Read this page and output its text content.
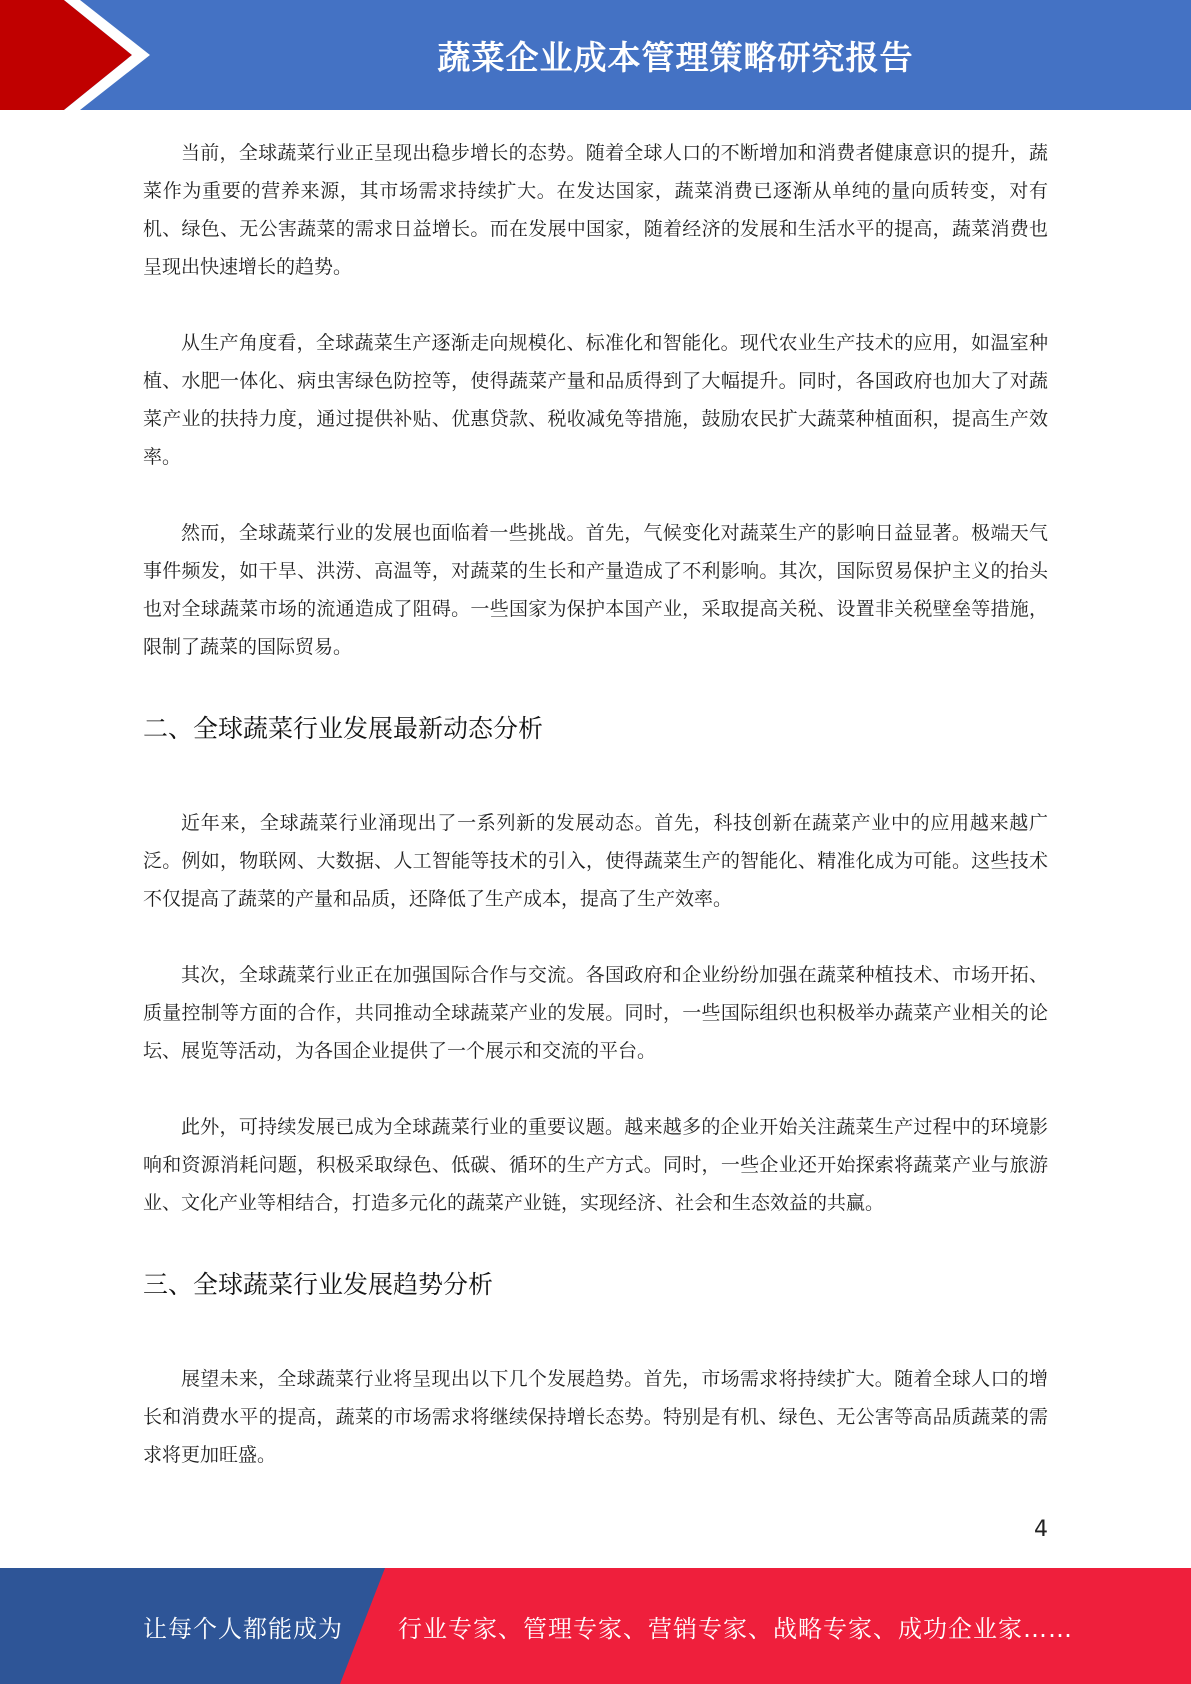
蔬菜企业成本管理策略研究报告

当前，全球蔬菜行业正呈现出稳步增长的态势。随着全球人口的不断增加和消费者健康意识的提升，蔬菜作为重要的营养来源，其市场需求持续扩大。在发达国家，蔬菜消费已逐渐从单纯的量向质转变，对有机、绿色、无公害蔬菜的需求日益增长。而在发展中国家，随着经济的发展和生活水平的提高，蔬菜消费也呈现出快速增长的趋势。

从生产角度看，全球蔬菜生产逐渐走向规模化、标准化和智能化。现代农业生产技术的应用，如温室种植、水肥一体化、病虫害绿色防控等，使得蔬菜产量和品质得到了大幅提升。同时，各国政府也加大了对蔬菜产业的扶持力度，通过提供补贴、优惠贷款、税收减免等措施，鼓励农民扩大蔬菜种植面积，提高生产效率。

然而，全球蔬菜行业的发展也面临着一些挑战。首先，气候变化对蔬菜生产的影响日益显著。极端天气事件频发，如干旱、洪涝、高温等，对蔬菜的生长和产量造成了不利影响。其次，国际贸易保护主义的抬头也对全球蔬菜市场的流通造成了阻碍。一些国家为保护本国产业，采取提高关税、设置非关税壁垒等措施，限制了蔬菜的国际贸易。

二、全球蔬菜行业发展最新动态分析

近年来，全球蔬菜行业涌现出了一系列新的发展动态。首先，科技创新在蔬菜产业中的应用越来越广泛。例如，物联网、大数据、人工智能等技术的引入，使得蔬菜生产的智能化、精准化成为可能。这些技术不仅提高了蔬菜的产量和品质，还降低了生产成本，提高了生产效率。

其次，全球蔬菜行业正在加强国际合作与交流。各国政府和企业纷纷加强在蔬菜种植技术、市场开拓、质量控制等方面的合作，共同推动全球蔬菜产业的发展。同时，一些国际组织也积极举办蔬菜产业相关的论坛、展览等活动，为各国企业提供了一个展示和交流的平台。

此外，可持续发展已成为全球蔬菜行业的重要议题。越来越多的企业开始关注蔬菜生产过程中的环境影响和资源消耗问题，积极采取绿色、低碳、循环的生产方式。同时，一些企业还开始探索将蔬菜产业与旅游业、文化产业等相结合，打造多元化的蔬菜产业链，实现经济、社会和生态效益的共赢。

三、全球蔬菜行业发展趋势分析

展望未来，全球蔬菜行业将呈现出以下几个发展趋势。首先，市场需求将持续扩大。随着全球人口的增长和消费水平的提高，蔬菜的市场需求将继续保持增长态势。特别是有机、绿色、无公害等高品质蔬菜的需求将更加旺盛。

4
让每个人都能成为 行业专家、管理专家、营销专家、战略专家、成功企业家……
